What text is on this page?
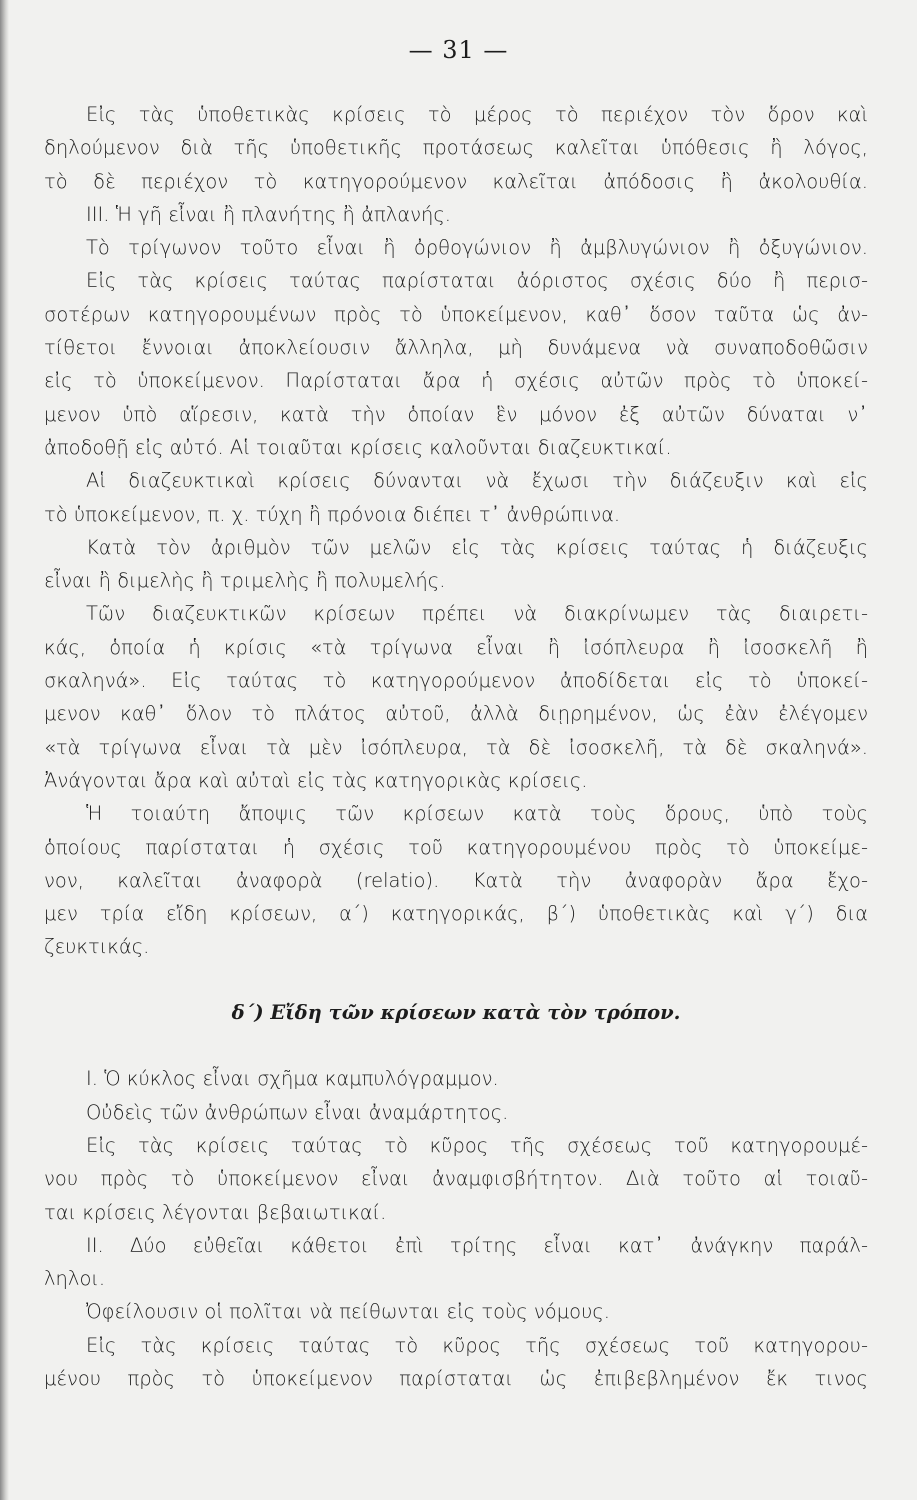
— 31 —
Εἰς τὰς ὑποθετικὰς κρίσεις τὸ μέρος τὸ περιέχον τὸν ὅρον καὶ
δηλούμενον διὰ τῆς ὑποθετικῆς προτάσεως καλεῖται ὑπόθεσις ἢ λόγος,
τὸ δὲ περιέχον τὸ κατηγορούμενον καλεῖται ἀπόδοσις ἢ ἀκολουθία.
III. Ἡ γῆ εἶναι ἢ πλανήτης ἢ ἀπλανής.
Τὸ τρίγωνον τοῦτο εἶναι ἢ ὀρθογώνιον ἢ ἀμβλυγώνιον ἢ ὀξυγώνιον.
Εἰς τὰς κρίσεις ταύτας παρίσταται ἀόριστος σχέσις δύο ἢ περισ-
σοτέρων κατηγορουμένων πρὸς τὸ ὑποκείμενον, καθ᾽ ὅσον ταῦτα ὡς ἀν-
τίθετοι ἔννοιαι ἀποκλείουσιν ἄλληλα, μὴ δυνάμενα νὰ συναποδοθῶσιν
εἰς τὸ ὑποκείμενον. Παρίσταται ἄρα ἡ σχέσις αὐτῶν πρὸς τὸ ὑποκεί-
μενον ὑπὸ αἵρεσιν, κατὰ τὴν ὁποίαν ἓν μόνον ἐξ αὐτῶν δύναται ν᾽
ἀποδοθῇ εἰς αὐτό. Αἱ τοιαῦται κρίσεις καλοῦνται διαζευκτικαί.
Αἱ διαζευκτικαὶ κρίσεις δύνανται νὰ ἔχωσι τὴν διάζευξιν καὶ εἰς
τὸ ὑποκείμενον, π. χ. τύχη ἢ πρόνοια διέπει τ᾽ ἀνθρώπινα.
Κατὰ τὸν ἀριθμὸν τῶν μελῶν εἰς τὰς κρίσεις ταύτας ἡ διάζευξις
εἶναι ἢ διμελὴς ἢ τριμελὴς ἢ πολυμελής.
Τῶν διαζευκτικῶν κρίσεων πρέπει νὰ διακρίνωμεν τὰς διαιρετι-
κάς, ὁποία ἡ κρίσις «τὰ τρίγωνα εἶναι ἢ ἰσόπλευρα ἢ ἰσοσκελῆ ἢ
σκαληνά». Εἰς ταύτας τὸ κατηγορούμενον ἀποδίδεται εἰς τὸ ὑποκεί-
μενον καθ᾽ ὅλον τὸ πλάτος αὐτοῦ, ἀλλὰ διῃρημένον, ὡς ἐὰν ἐλέγομεν
«τὰ τρίγωνα εἶναι τὰ μὲν ἰσόπλευρα, τὰ δὲ ἰσοσκελῆ, τὰ δὲ σκαληνά».
Ἀνάγονται ἄρα καὶ αὐταὶ εἰς τὰς κατηγορικὰς κρίσεις.
Ἡ τοιαύτη ἄποψις τῶν κρίσεων κατὰ τοὺς ὅρους, ὑπὸ τοὺς
ὁποίους παρίσταται ἡ σχέσις τοῦ κατηγορουμένου πρὸς τὸ ὑποκείμε-
νον, καλεῖται ἀναφορὰ (relatio). Κατὰ τὴν ἀναφορὰν ἄρα ἔχο-
μεν τρία εἴδη κρίσεων, α΄) κατηγορικάς, β΄) ὑποθετικὰς καὶ γ΄) δια
ζευκτικάς.
δ΄) Εἴδη τῶν κρίσεων κατὰ τὸν τρόπον.
I. Ὁ κύκλος εἶναι σχῆμα καμπυλόγραμμον.
Οὐδεὶς τῶν ἀνθρώπων εἶναι ἀναμάρτητος.
Εἰς τὰς κρίσεις ταύτας τὸ κῦρος τῆς σχέσεως τοῦ κατηγορουμέ-
νου πρὸς τὸ ὑποκείμενον εἶναι ἀναμφισβήτητον. Διὰ τοῦτο αἱ τοιαῦ-
ται κρίσεις λέγονται βεβαιωτικαί.
II. Δύο εὐθεῖαι κάθετοι ἐπὶ τρίτης εἶναι κατ᾽ ἀνάγκην παράλ-
ληλοι.
Ὀφείλουσιν οἱ πολῖται νὰ πείθωνται εἰς τοὺς νόμους.
Εἰς τὰς κρίσεις ταύτας τὸ κῦρος τῆς σχέσεως τοῦ κατηγορου-
μένου πρὸς τὸ ὑποκείμενον παρίσταται ὡς ἐπιβεβλημένον ἔκ τινος
